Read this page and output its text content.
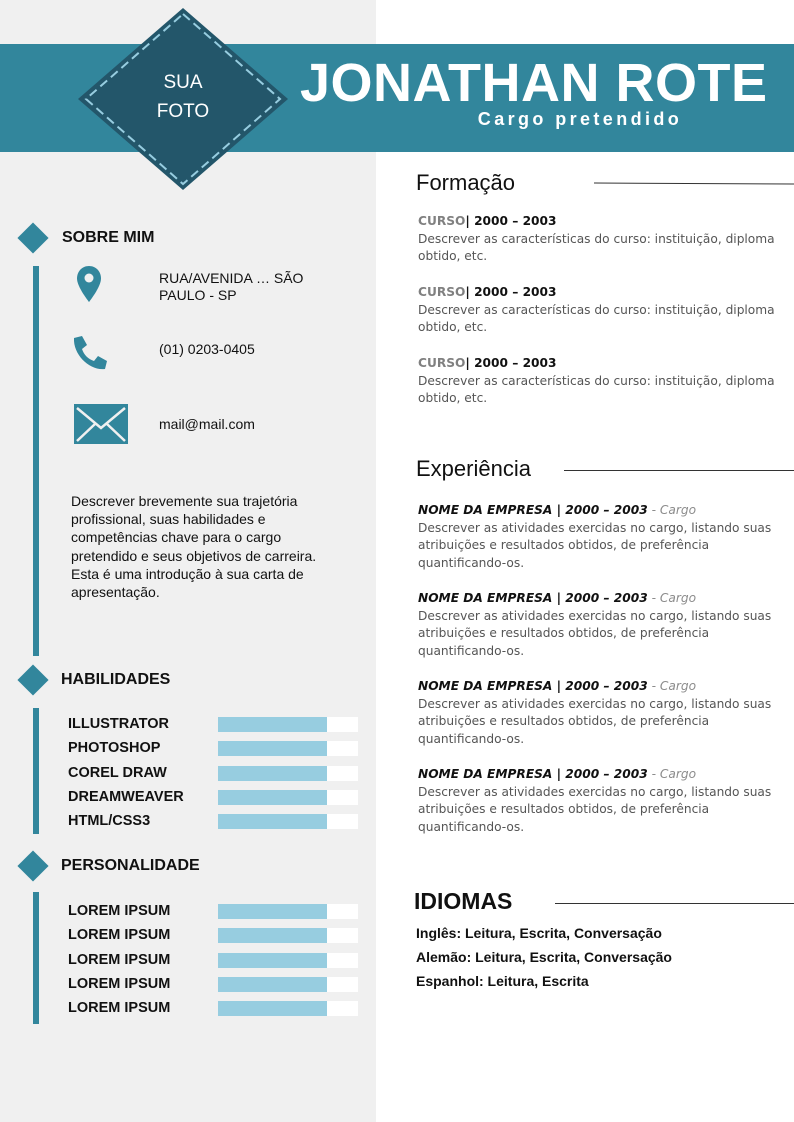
SUA
FOTO	JONATHAN ROTE
Cargo pretendido
SOBRE MIM
RUA/AVENIDA … SÃO
PAULO - SP
(01) 0203-0405
mail@mail.com
Descrever brevemente sua trajetória profissional, suas habilidades e competências chave para o cargo pretendido e seus objetivos de carreira. Esta é uma introdução à sua carta de apresentação.
HABILIDADES
ILLUSTRATOR
PHOTOSHOP
COREL DRAW
DREAMWEAVER
HTML/CSS3
PERSONALIDADE
LOREM IPSUM
LOREM IPSUM
LOREM IPSUM
LOREM IPSUM
LOREM IPSUM
Formação
CURSO| 2000 – 2003
Descrever as características do curso: instituição, diploma obtido, etc.
CURSO| 2000 – 2003
Descrever as características do curso: instituição, diploma obtido, etc.
CURSO| 2000 – 2003
Descrever as características do curso: instituição, diploma obtido, etc.
Experiência
NOME DA EMPRESA | 2000 – 2003 - Cargo
Descrever as atividades exercidas no cargo, listando suas atribuições e resultados obtidos, de preferência quantificando-os.
NOME DA EMPRESA | 2000 – 2003 - Cargo
Descrever as atividades exercidas no cargo, listando suas atribuições e resultados obtidos, de preferência quantificando-os.
NOME DA EMPRESA | 2000 – 2003 - Cargo
Descrever as atividades exercidas no cargo, listando suas atribuições e resultados obtidos, de preferência quantificando-os.
NOME DA EMPRESA | 2000 – 2003 - Cargo
Descrever as atividades exercidas no cargo, listando suas atribuições e resultados obtidos, de preferência quantificando-os.
IDIOMAS
Inglês: Leitura, Escrita, Conversação
Alemão: Leitura, Escrita, Conversação
Espanhol: Leitura, Escrita
